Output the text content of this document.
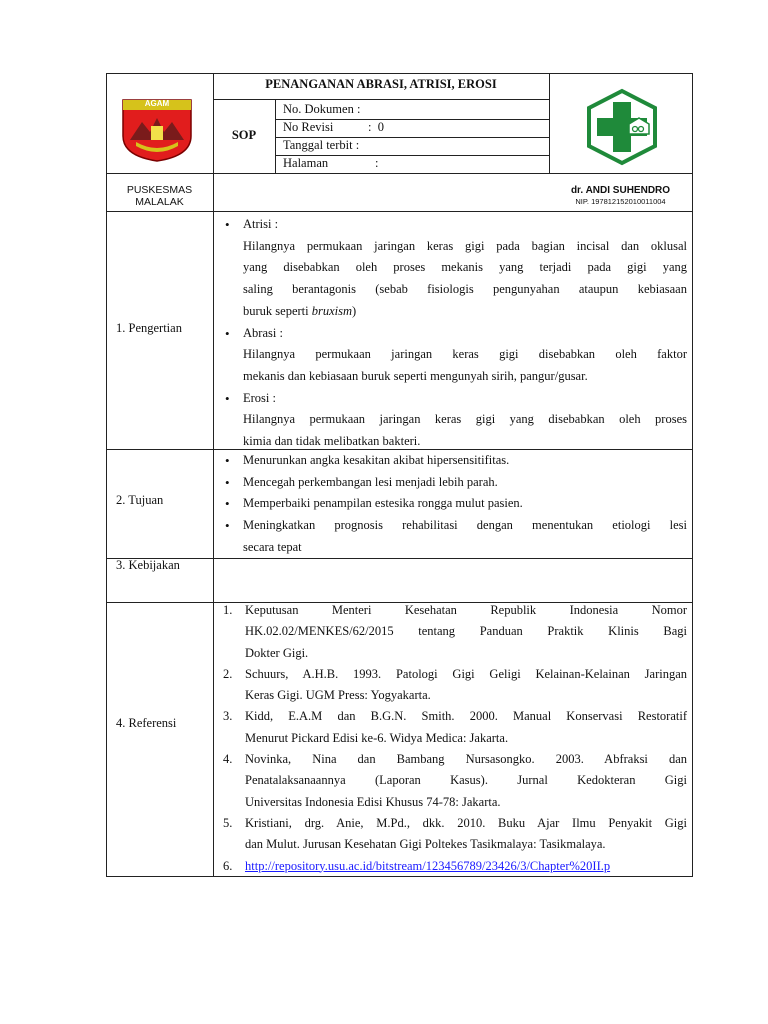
AGAM
PENANGANAN ABRASI, ATRISI, EROSI
SOP
No. Dokumen :
No Revisi	:  0
Tanggal terbit :
Halaman	:
PUSKESMAS
MALALAK
dr. ANDI SUHENDRO
NIP. 197812152010011004
1. Pengertian
• Atrisi :
Hilangnya permukaan jaringan keras gigi pada bagian incisal dan oklusal
yang disebabkan oleh proses mekanis yang terjadi pada gigi yang
saling berantagonis (sebab fisiologis pengunyahan ataupun kebiasaan
buruk seperti bruxism)
• Abrasi :
Hilangnya permukaan jaringan keras gigi disebabkan oleh faktor
mekanis dan kebiasaan buruk seperti mengunyah sirih, pangur/gusar.
• Erosi :
Hilangnya permukaan jaringan keras gigi yang disebabkan oleh proses
kimia dan tidak melibatkan bakteri.
2. Tujuan
• Menurunkan angka kesakitan akibat hipersensitifitas.
• Mencegah perkembangan lesi menjadi lebih parah.
• Memperbaiki penampilan estesika rongga mulut pasien.
• Meningkatkan prognosis rehabilitasi dengan menentukan etiologi lesi
secara tepat
3. Kebijakan
4. Referensi
1. Keputusan Menteri Kesehatan Republik Indonesia Nomor
HK.02.02/MENKES/62/2015 tentang Panduan Praktik Klinis Bagi
Dokter Gigi.
2. Schuurs, A.H.B. 1993. Patologi Gigi Geligi Kelainan-Kelainan Jaringan
Keras Gigi. UGM Press: Yogyakarta.
3. Kidd, E.A.M dan B.G.N. Smith. 2000. Manual Konservasi Restoratif
Menurut Pickard Edisi ke-6. Widya Medica: Jakarta.
4. Novinka, Nina dan Bambang Nursasongko. 2003. Abfraksi dan
Penatalaksanaannya (Laporan Kasus). Jurnal Kedokteran Gigi
Universitas Indonesia Edisi Khusus 74-78: Jakarta.
5. Kristiani, drg. Anie, M.Pd., dkk. 2010. Buku Ajar Ilmu Penyakit Gigi
dan Mulut. Jurusan Kesehatan Gigi Poltekes Tasikmalaya: Tasikmalaya.
6. http://repository.usu.ac.id/bitstream/123456789/23426/3/Chapter%20II.p
